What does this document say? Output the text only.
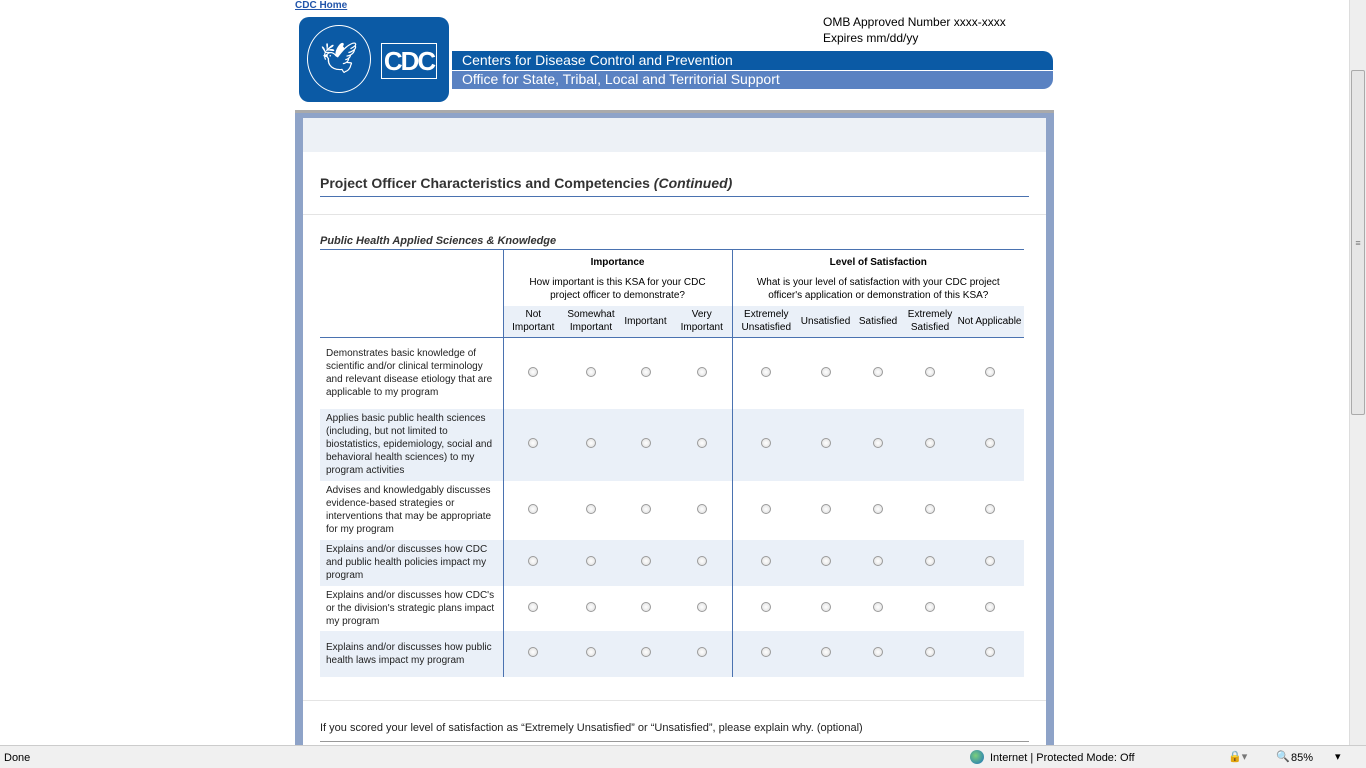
CDC Home
🕊 CDC
OMB Approved Number xxxx-xxxx
Expires mm/dd/yy
Centers for Disease Control and Prevention
Office for State, Tribal, Local and Territorial Support
Project Officer Characteristics and Competencies (Continued)
Public Health Applied Sciences & Knowledge
	Importance				Level of Satisfaction				
	How important is this KSA for your CDC project officer to demonstrate?				What is your level of satisfaction with your CDC project officer's application or demonstration of this KSA?				
	Not Important	Somewhat Important	Important	Very Important	Extremely Unsatisfied	Unsatisfied	Satisfied	Extremely Satisfied	Not Applicable
Demonstrates basic knowledge of scientific and/or clinical terminology and relevant disease etiology that are applicable to my program									
Applies basic public health sciences (including, but not limited to biostatistics, epidemiology, social and behavioral health sciences) to my program activities									
Advises and knowledgably discusses evidence-based strategies or interventions that may be appropriate for my program									
Explains and/or discusses how CDC and public health policies impact my program									
Explains and/or discusses how CDC's or the division's strategic plans impact my program									
Explains and/or discusses how public health laws impact my program									
If you scored your level of satisfaction as “Extremely Unsatisfied” or “Unsatisfied”, please explain why. (optional)
≡
Done	Internet | Protected Mode: Off	🔒▾	🔍 85% ▾
